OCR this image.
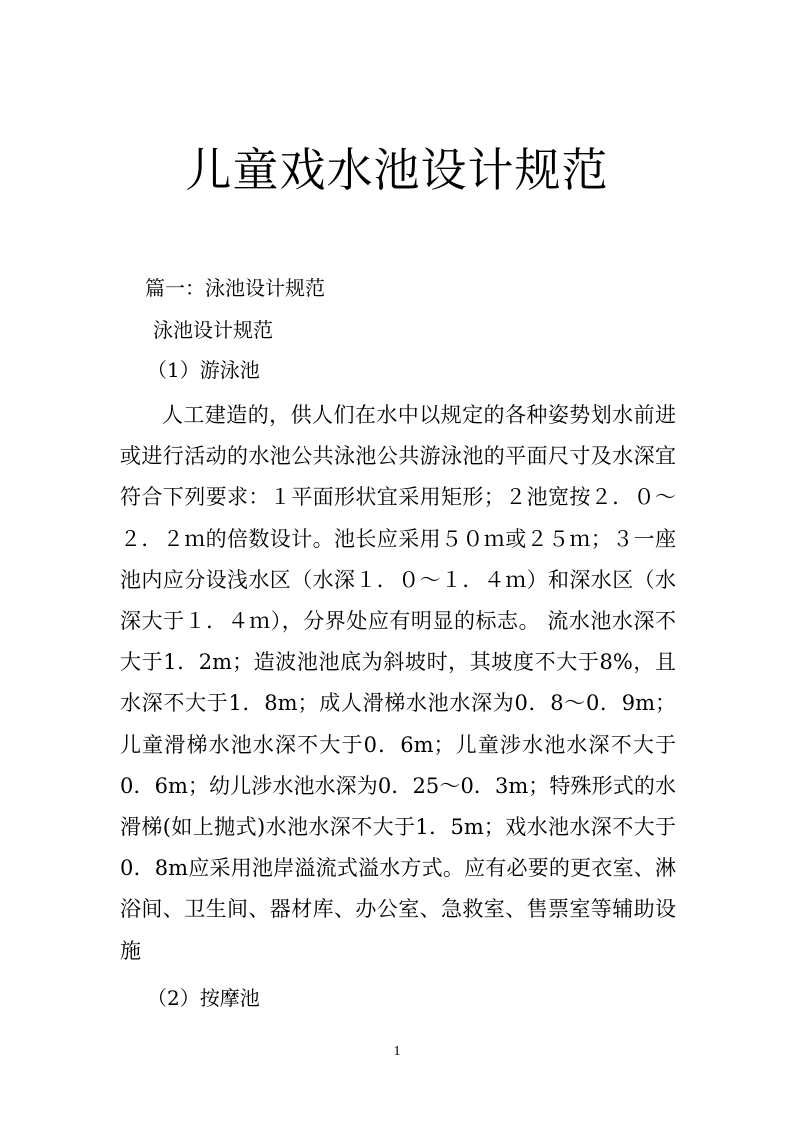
儿童戏水池设计规范

篇一：泳池设计规范

泳池设计规范

（1）游泳池

人工建造的，供人们在水中以规定的各种姿势划水前进或进行活动的水池公共泳池公共游泳池的平面尺寸及水深宜符合下列要求：１平面形状宜采用矩形；２池宽按２．０～２．２ｍ的倍数设计。池长应采用５０ｍ或２５ｍ；３一座池内应分设浅水区（水深１．０～１．４ｍ）和深水区（水深大于１．４ｍ），分界处应有明显的标志。 流水池水深不大于1．2m；造波池池底为斜坡时，其坡度不大于8%，且水深不大于1．8m；成人滑梯水池水深为0．8～0．9m；儿童滑梯水池水深不大于0．6m；儿童涉水池水深不大于0．6m；幼儿涉水池水深为0．25～0．3m；特殊形式的水滑梯(如上抛式)水池水深不大于1．5m；戏水池水深不大于0．8m应采用池岸溢流式溢水方式。应有必要的更衣室、淋浴间、卫生间、器材库、办公室、急救室、售票室等辅助设施

（2）按摩池

1
